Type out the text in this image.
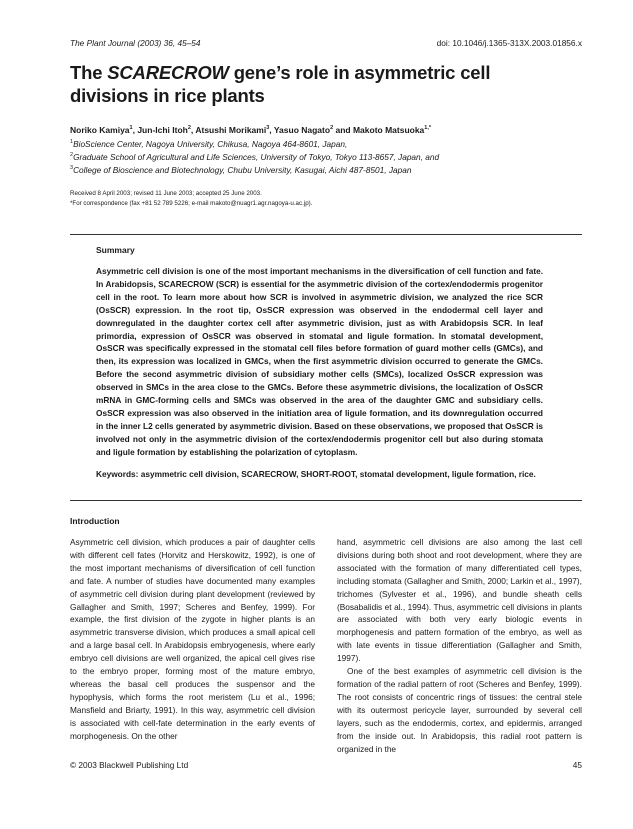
The Plant Journal (2003) 36, 45–54	doi: 10.1046/j.1365-313X.2003.01856.x
The SCARECROW gene’s role in asymmetric cell divisions in rice plants
Noriko Kamiya$^1$, Jun-Ichi Itoh$^2$, Atsushi Morikami$^3$, Yasuo Nagato$^2$ and Makoto Matsuoka$^{1,*}$
$^1$BioScience Center, Nagoya University, Chikusa, Nagoya 464-8601, Japan,
$^2$Graduate School of Agricultural and Life Sciences, University of Tokyo, Tokyo 113-8657, Japan, and
$^3$College of Bioscience and Biotechnology, Chubu University, Kasugai, Aichi 487-8501, Japan
Received 8 April 2003; revised 11 June 2003; accepted 25 June 2003.
*For correspondence (fax +81 52 789 5226; e-mail makoto@nuagr1.agr.nagoya-u.ac.jp).
Summary

Asymmetric cell division is one of the most important mechanisms in the diversification of cell function and fate. In Arabidopsis, SCARECROW (SCR) is essential for the asymmetric division of the cortex/endodermis progenitor cell in the root. To learn more about how SCR is involved in asymmetric division, we analyzed the rice SCR (OsSCR) expression. In the root tip, OsSCR expression was observed in the endodermal cell layer and downregulated in the daughter cortex cell after asymmetric division, just as with Arabidopsis SCR. In leaf primordia, expression of OsSCR was observed in stomatal and ligule formation. In stomatal development, OsSCR was specifically expressed in the stomatal cell files before formation of guard mother cells (GMCs), and then, its expression was localized in GMCs, when the first asymmetric division occurred to generate the GMCs. Before the second asymmetric division of subsidiary mother cells (SMCs), localized OsSCR expression was observed in SMCs in the area close to the GMCs. Before these asymmetric divisions, the localization of OsSCR mRNA in GMC-forming cells and SMCs was observed in the area of the daughter GMC and subsidiary cells. OsSCR expression was also observed in the initiation area of ligule formation, and its downregulation occurred in the inner L2 cells generated by asymmetric division. Based on these observations, we proposed that OsSCR is involved not only in the asymmetric division of the cortex/endodermis progenitor cell but also during stomata and ligule formation by establishing the polarization of cytoplasm.

Keywords: asymmetric cell division, SCARECROW, SHORT-ROOT, stomatal development, ligule formation, rice.
Introduction

Asymmetric cell division, which produces a pair of daughter cells with different cell fates (Horvitz and Herskowitz, 1992), is one of the most important mechanisms of diversification of cell function and fate. A number of studies have documented many examples of asymmetric cell division during plant development (reviewed by Gallagher and Smith, 1997; Scheres and Benfey, 1999). For example, the first division of the zygote in higher plants is an asymmetric transverse division, which produces a small apical cell and a large basal cell. In Arabidopsis embryogenesis, where early embryo cell divisions are well organized, the apical cell gives rise to the embryo proper, forming most of the mature embryo, whereas the basal cell produces the suspensor and the hypophysis, which forms the root meristem (Lu et al., 1996; Mansfield and Briarty, 1991). In this way, asymmetric cell division is associated with cell-fate determination in the early events of morphogenesis. On the other

hand, asymmetric cell divisions are also among the last cell divisions during both shoot and root development, where they are associated with the formation of many differentiated cell types, including stomata (Gallagher and Smith, 2000; Larkin et al., 1997), trichomes (Sylvester et al., 1996), and bundle sheath cells (Bosabalidis et al., 1994). Thus, asymmetric cell divisions in plants are associated with both very early biologic events in morphogenesis and pattern formation of the embryo, as well as with late events in tissue differentiation (Gallagher and Smith, 1997).

One of the best examples of asymmetric cell division is the formation of the radial pattern of root (Scheres and Benfey, 1999). The root consists of concentric rings of tissues: the central stele with its outermost pericycle layer, surrounded by several cell layers, such as the endodermis, cortex, and epidermis, arranged from the inside out. In Arabidopsis, this radial root pattern is organized in the

© 2003 Blackwell Publishing Ltd	45
